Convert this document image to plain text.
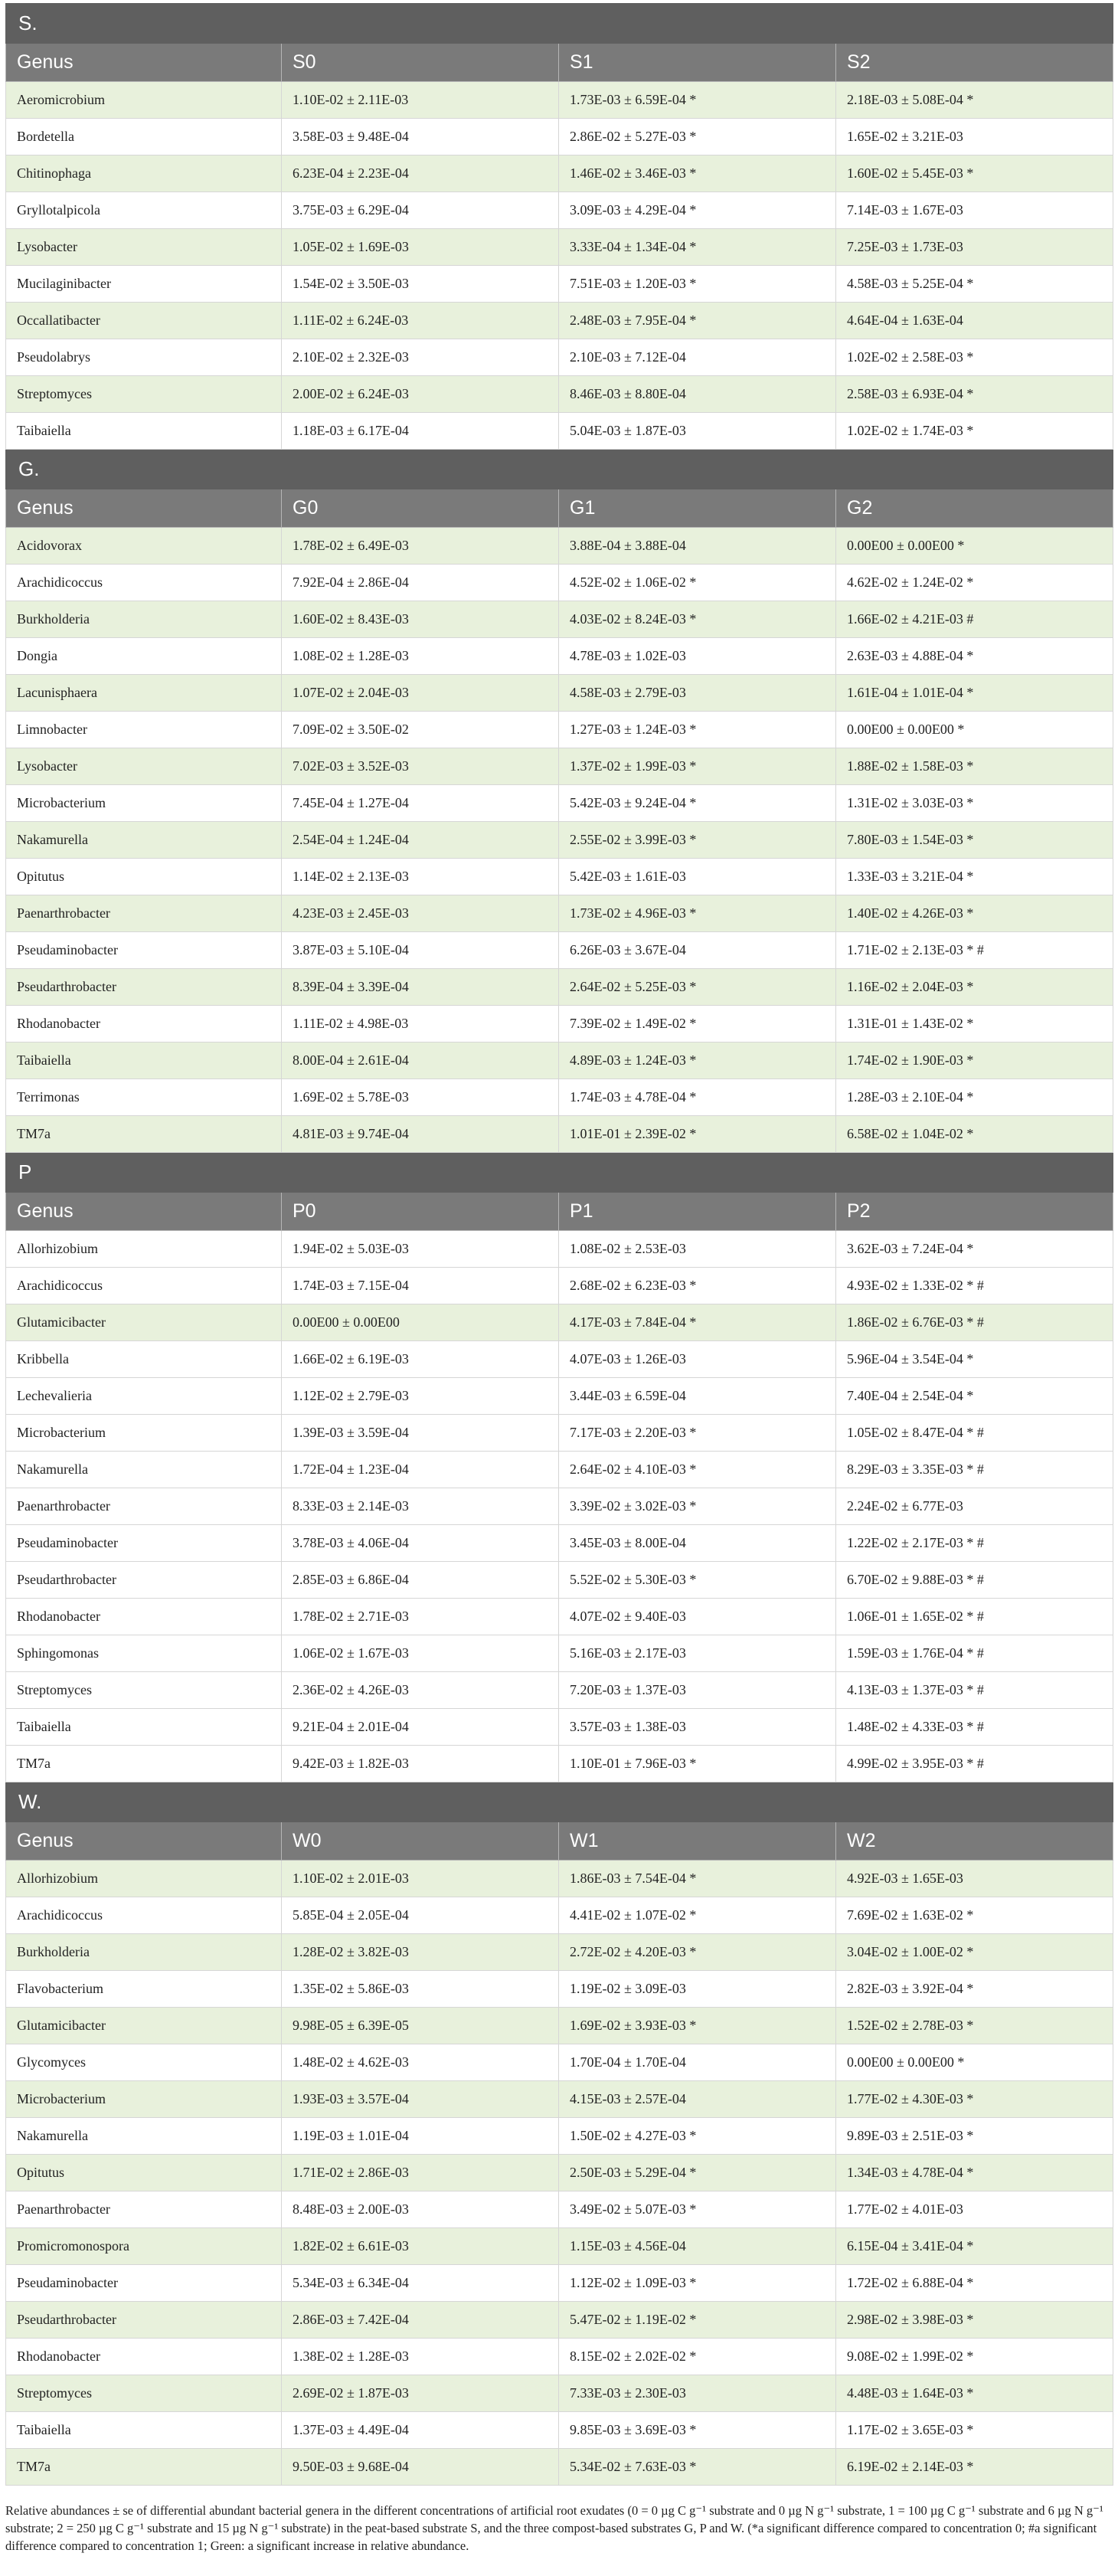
S.			
Genus	S0	S1	S2
Aeromicrobium	1.10E-02 ± 2.11E-03	1.73E-03 ± 6.59E-04 *	2.18E-03 ± 5.08E-04 *
Bordetella	3.58E-03 ± 9.48E-04	2.86E-02 ± 5.27E-03 *	1.65E-02 ± 3.21E-03
Chitinophaga	6.23E-04 ± 2.23E-04	1.46E-02 ± 3.46E-03 *	1.60E-02 ± 5.45E-03 *
Gryllotalpicola	3.75E-03 ± 6.29E-04	3.09E-03 ± 4.29E-04 *	7.14E-03 ± 1.67E-03
Lysobacter	1.05E-02 ± 1.69E-03	3.33E-04 ± 1.34E-04 *	7.25E-03 ± 1.73E-03
Mucilaginibacter	1.54E-02 ± 3.50E-03	7.51E-03 ± 1.20E-03 *	4.58E-03 ± 5.25E-04 *
Occallatibacter	1.11E-02 ± 6.24E-03	2.48E-03 ± 7.95E-04 *	4.64E-04 ± 1.63E-04
Pseudolabrys	2.10E-02 ± 2.32E-03	2.10E-03 ± 7.12E-04	1.02E-02 ± 2.58E-03 *
Streptomyces	2.00E-02 ± 6.24E-03	8.46E-03 ± 8.80E-04	2.58E-03 ± 6.93E-04 *
Taibaiella	1.18E-03 ± 6.17E-04	5.04E-03 ± 1.87E-03	1.02E-02 ± 1.74E-03 *
G.			
Genus	G0	G1	G2
Acidovorax	1.78E-02 ± 6.49E-03	3.88E-04 ± 3.88E-04	0.00E00 ± 0.00E00 *
Arachidicoccus	7.92E-04 ± 2.86E-04	4.52E-02 ± 1.06E-02 *	4.62E-02 ± 1.24E-02 *
Burkholderia	1.60E-02 ± 8.43E-03	4.03E-02 ± 8.24E-03 *	1.66E-02 ± 4.21E-03 #
Dongia	1.08E-02 ± 1.28E-03	4.78E-03 ± 1.02E-03	2.63E-03 ± 4.88E-04 *
Lacunisphaera	1.07E-02 ± 2.04E-03	4.58E-03 ± 2.79E-03	1.61E-04 ± 1.01E-04 *
Limnobacter	7.09E-02 ± 3.50E-02	1.27E-03 ± 1.24E-03 *	0.00E00 ± 0.00E00 *
Lysobacter	7.02E-03 ± 3.52E-03	1.37E-02 ± 1.99E-03 *	1.88E-02 ± 1.58E-03 *
Microbacterium	7.45E-04 ± 1.27E-04	5.42E-03 ± 9.24E-04 *	1.31E-02 ± 3.03E-03 *
Nakamurella	2.54E-04 ± 1.24E-04	2.55E-02 ± 3.99E-03 *	7.80E-03 ± 1.54E-03 *
Opitutus	1.14E-02 ± 2.13E-03	5.42E-03 ± 1.61E-03	1.33E-03 ± 3.21E-04 *
Paenarthrobacter	4.23E-03 ± 2.45E-03	1.73E-02 ± 4.96E-03 *	1.40E-02 ± 4.26E-03 *
Pseudaminobacter	3.87E-03 ± 5.10E-04	6.26E-03 ± 3.67E-04	1.71E-02 ± 2.13E-03 * #
Pseudarthrobacter	8.39E-04 ± 3.39E-04	2.64E-02 ± 5.25E-03 *	1.16E-02 ± 2.04E-03 *
Rhodanobacter	1.11E-02 ± 4.98E-03	7.39E-02 ± 1.49E-02 *	1.31E-01 ± 1.43E-02 *
Taibaiella	8.00E-04 ± 2.61E-04	4.89E-03 ± 1.24E-03 *	1.74E-02 ± 1.90E-03 *
Terrimonas	1.69E-02 ± 5.78E-03	1.74E-03 ± 4.78E-04 *	1.28E-03 ± 2.10E-04 *
TM7a	4.81E-03 ± 9.74E-04	1.01E-01 ± 2.39E-02 *	6.58E-02 ± 1.04E-02 *
P			
Genus	P0	P1	P2
Allorhizobium	1.94E-02 ± 5.03E-03	1.08E-02 ± 2.53E-03	3.62E-03 ± 7.24E-04 *
Arachidicoccus	1.74E-03 ± 7.15E-04	2.68E-02 ± 6.23E-03 *	4.93E-02 ± 1.33E-02 * #
Glutamicibacter	0.00E00 ± 0.00E00	4.17E-03 ± 7.84E-04 *	1.86E-02 ± 6.76E-03 * #
Kribbella	1.66E-02 ± 6.19E-03	4.07E-03 ± 1.26E-03	5.96E-04 ± 3.54E-04 *
Lechevalieria	1.12E-02 ± 2.79E-03	3.44E-03 ± 6.59E-04	7.40E-04 ± 2.54E-04 *
Microbacterium	1.39E-03 ± 3.59E-04	7.17E-03 ± 2.20E-03 *	1.05E-02 ± 8.47E-04 * #
Nakamurella	1.72E-04 ± 1.23E-04	2.64E-02 ± 4.10E-03 *	8.29E-03 ± 3.35E-03 * #
Paenarthrobacter	8.33E-03 ± 2.14E-03	3.39E-02 ± 3.02E-03 *	2.24E-02 ± 6.77E-03
Pseudaminobacter	3.78E-03 ± 4.06E-04	3.45E-03 ± 8.00E-04	1.22E-02 ± 2.17E-03 * #
Pseudarthrobacter	2.85E-03 ± 6.86E-04	5.52E-02 ± 5.30E-03 *	6.70E-02 ± 9.88E-03 * #
Rhodanobacter	1.78E-02 ± 2.71E-03	4.07E-02 ± 9.40E-03	1.06E-01 ± 1.65E-02 * #
Sphingomonas	1.06E-02 ± 1.67E-03	5.16E-03 ± 2.17E-03	1.59E-03 ± 1.76E-04 * #
Streptomyces	2.36E-02 ± 4.26E-03	7.20E-03 ± 1.37E-03	4.13E-03 ± 1.37E-03 * #
Taibaiella	9.21E-04 ± 2.01E-04	3.57E-03 ± 1.38E-03	1.48E-02 ± 4.33E-03 * #
TM7a	9.42E-03 ± 1.82E-03	1.10E-01 ± 7.96E-03 *	4.99E-02 ± 3.95E-03 * #
W.			
Genus	W0	W1	W2
Allorhizobium	1.10E-02 ± 2.01E-03	1.86E-03 ± 7.54E-04 *	4.92E-03 ± 1.65E-03
Arachidicoccus	5.85E-04 ± 2.05E-04	4.41E-02 ± 1.07E-02 *	7.69E-02 ± 1.63E-02 *
Burkholderia	1.28E-02 ± 3.82E-03	2.72E-02 ± 4.20E-03 *	3.04E-02 ± 1.00E-02 *
Flavobacterium	1.35E-02 ± 5.86E-03	1.19E-02 ± 3.09E-03	2.82E-03 ± 3.92E-04 *
Glutamicibacter	9.98E-05 ± 6.39E-05	1.69E-02 ± 3.93E-03 *	1.52E-02 ± 2.78E-03 *
Glycomyces	1.48E-02 ± 4.62E-03	1.70E-04 ± 1.70E-04	0.00E00 ± 0.00E00 *
Microbacterium	1.93E-03 ± 3.57E-04	4.15E-03 ± 2.57E-04	1.77E-02 ± 4.30E-03 *
Nakamurella	1.19E-03 ± 1.01E-04	1.50E-02 ± 4.27E-03 *	9.89E-03 ± 2.51E-03 *
Opitutus	1.71E-02 ± 2.86E-03	2.50E-03 ± 5.29E-04 *	1.34E-03 ± 4.78E-04 *
Paenarthrobacter	8.48E-03 ± 2.00E-03	3.49E-02 ± 5.07E-03 *	1.77E-02 ± 4.01E-03
Promicromonospora	1.82E-02 ± 6.61E-03	1.15E-03 ± 4.56E-04	6.15E-04 ± 3.41E-04 *
Pseudaminobacter	5.34E-03 ± 6.34E-04	1.12E-02 ± 1.09E-03 *	1.72E-02 ± 6.88E-04 *
Pseudarthrobacter	2.86E-03 ± 7.42E-04	5.47E-02 ± 1.19E-02 *	2.98E-02 ± 3.98E-03 *
Rhodanobacter	1.38E-02 ± 1.28E-03	8.15E-02 ± 2.02E-02 *	9.08E-02 ± 1.99E-02 *
Streptomyces	2.69E-02 ± 1.87E-03	7.33E-03 ± 2.30E-03	4.48E-03 ± 1.64E-03 *
Taibaiella	1.37E-03 ± 4.49E-04	9.85E-03 ± 3.69E-03 *	1.17E-02 ± 3.65E-03 *
TM7a	9.50E-03 ± 9.68E-04	5.34E-02 ± 7.63E-03 *	6.19E-02 ± 2.14E-03 *
Relative abundances ± se of differential abundant bacterial genera in the different concentrations of artificial root exudates (0 = 0 µg C g⁻¹ substrate and 0 µg N g⁻¹ substrate, 1 = 100 µg C g⁻¹ substrate and 6 µg N g⁻¹ substrate; 2 = 250 µg C g⁻¹ substrate and 15 µg N g⁻¹ substrate) in the peat-based substrate S, and the three compost-based substrates G, P and W. (*a significant difference compared to concentration 0; #a significant difference compared to concentration 1; Green: a significant increase in relative abundance.
